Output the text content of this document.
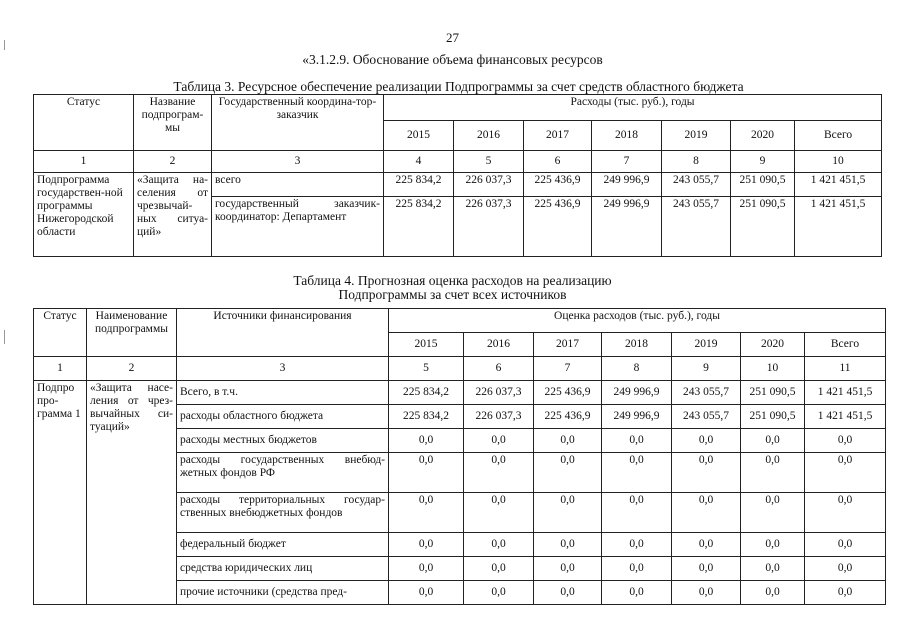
27
«3.1.2.9. Обоснование объема финансовых ресурсов
Таблица 3. Ресурсное обеспечение реализации Подпрограммы за счет средств областного бюджета
Статус	Название подпрограм-мы	Государственный координа-тор-заказчик	Расходы (тыс. руб.), годы						
			2015	2016	2017	2018	2019	2020	Всего
1	2	3	4	5	6	7	8	9	10
Подпрограмма государствен-ной программы Нижегородской области	«Защита на-селения от чрезвычай-ных ситуа-ций»	всего	225 834,2	226 037,3	225 436,9	249 996,9	243 055,7	251 090,5	1 421 451,5
		государственный заказчик-координатор: Департамент	225 834,2	226 037,3	225 436,9	249 996,9	243 055,7	251 090,5	1 421 451,5
Таблица 4. Прогнозная оценка расходов на реализацию
Подпрограммы за счет всех источников
Статус	Наименование подпрограммы	Источники финансирования	Оценка расходов (тыс. руб.), годы						
			2015	2016	2017	2018	2019	2020	Всего
1	2	3	5	6	7	8	9	10	11
Подпро про-грамма 1	«Защита насе-ления от чрез-вычайных си-туаций»	Всего, в т.ч.	225 834,2	226 037,3	225 436,9	249 996,9	243 055,7	251 090,5	1 421 451,5
		расходы областного бюджета	225 834,2	226 037,3	225 436,9	249 996,9	243 055,7	251 090,5	1 421 451,5
		расходы местных бюджетов	0,0	0,0	0,0	0,0	0,0	0,0	0,0
		расходы государственных внебюд-жетных фондов РФ	0,0	0,0	0,0	0,0	0,0	0,0	0,0
		расходы территориальных государ-ственных внебюджетных фондов	0,0	0,0	0,0	0,0	0,0	0,0	0,0
		федеральный бюджет	0,0	0,0	0,0	0,0	0,0	0,0	0,0
		средства юридических лиц	0,0	0,0	0,0	0,0	0,0	0,0	0,0
		прочие источники (средства пред-	0,0	0,0	0,0	0,0	0,0	0,0	0,0
